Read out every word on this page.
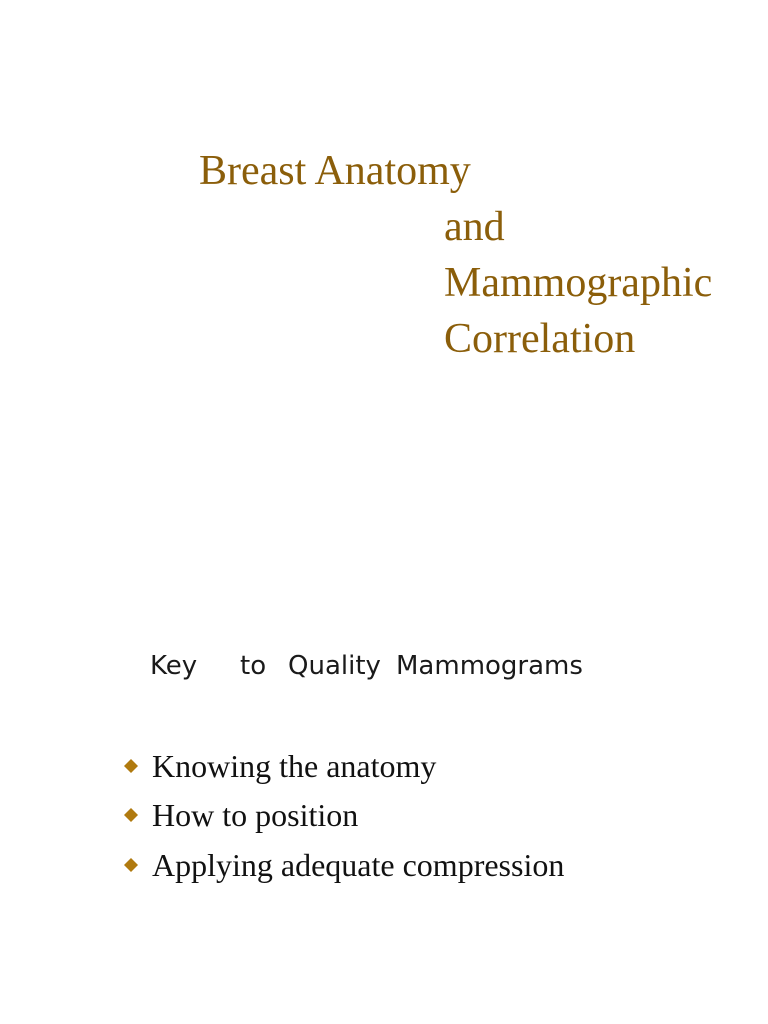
Breast Anatomy
and
Mammographic
Correlation
Key to Quality Mammograms
Knowing the anatomy
How to position
Applying adequate compression
